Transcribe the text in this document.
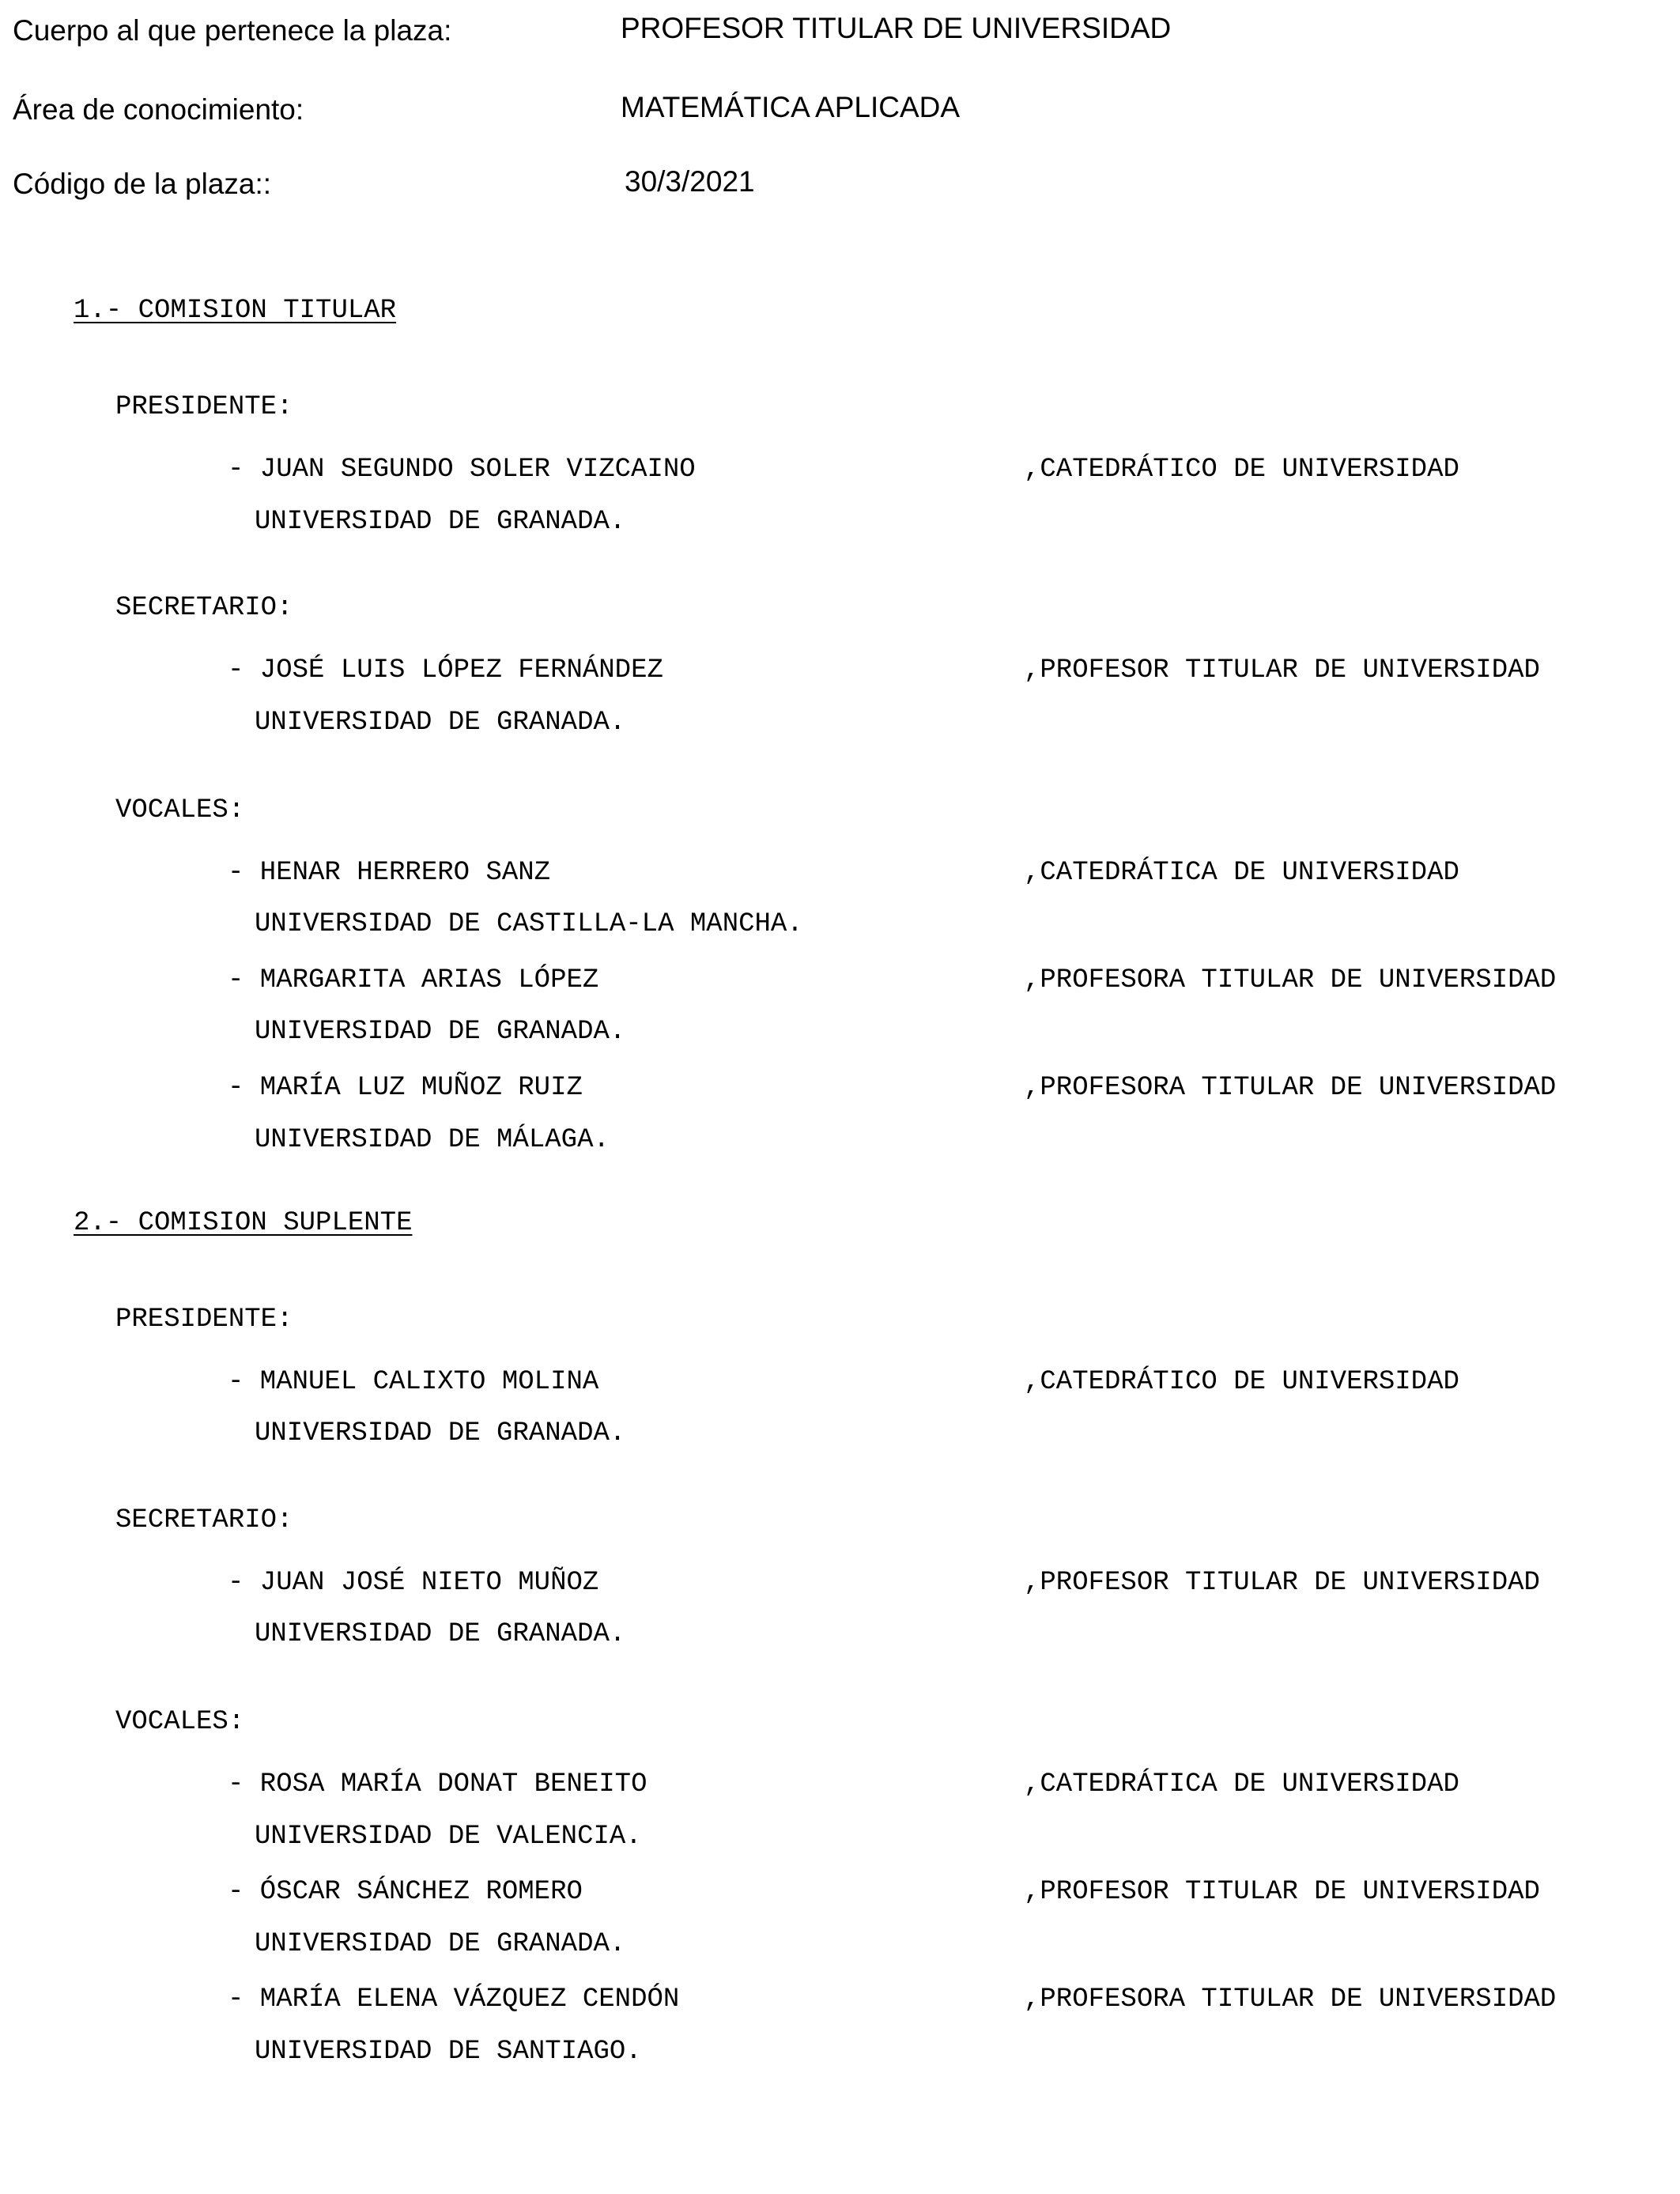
Cuerpo al que pertenece la plaza:	PROFESOR TITULAR DE UNIVERSIDAD
Área de conocimiento:	MATEMÁTICA APLICADA
Código de la plaza::	30/3/2021
1.- COMISION TITULAR
PRESIDENTE:
- JUAN SEGUNDO SOLER VIZCAINO	,CATEDRÁTICO DE UNIVERSIDAD
UNIVERSIDAD DE GRANADA.
SECRETARIO:
- JOSÉ LUIS LÓPEZ FERNÁNDEZ	,PROFESOR TITULAR DE UNIVERSIDAD
UNIVERSIDAD DE GRANADA.
VOCALES:
- HENAR HERRERO SANZ	,CATEDRÁTICA DE UNIVERSIDAD
UNIVERSIDAD DE CASTILLA-LA MANCHA.
- MARGARITA ARIAS LÓPEZ	,PROFESORA TITULAR DE UNIVERSIDAD
UNIVERSIDAD DE GRANADA.
- MARÍA LUZ MUÑOZ RUIZ	,PROFESORA TITULAR DE UNIVERSIDAD
UNIVERSIDAD DE MÁLAGA.
2.- COMISION SUPLENTE
PRESIDENTE:
- MANUEL CALIXTO MOLINA	,CATEDRÁTICO DE UNIVERSIDAD
UNIVERSIDAD DE GRANADA.
SECRETARIO:
- JUAN JOSÉ NIETO MUÑOZ	,PROFESOR TITULAR DE UNIVERSIDAD
UNIVERSIDAD DE GRANADA.
VOCALES:
- ROSA MARÍA DONAT BENEITO	,CATEDRÁTICA DE UNIVERSIDAD
UNIVERSIDAD DE VALENCIA.
- ÓSCAR SÁNCHEZ ROMERO	,PROFESOR TITULAR DE UNIVERSIDAD
UNIVERSIDAD DE GRANADA.
- MARÍA ELENA VÁZQUEZ CENDÓN	,PROFESORA TITULAR DE UNIVERSIDAD
UNIVERSIDAD DE SANTIAGO.
